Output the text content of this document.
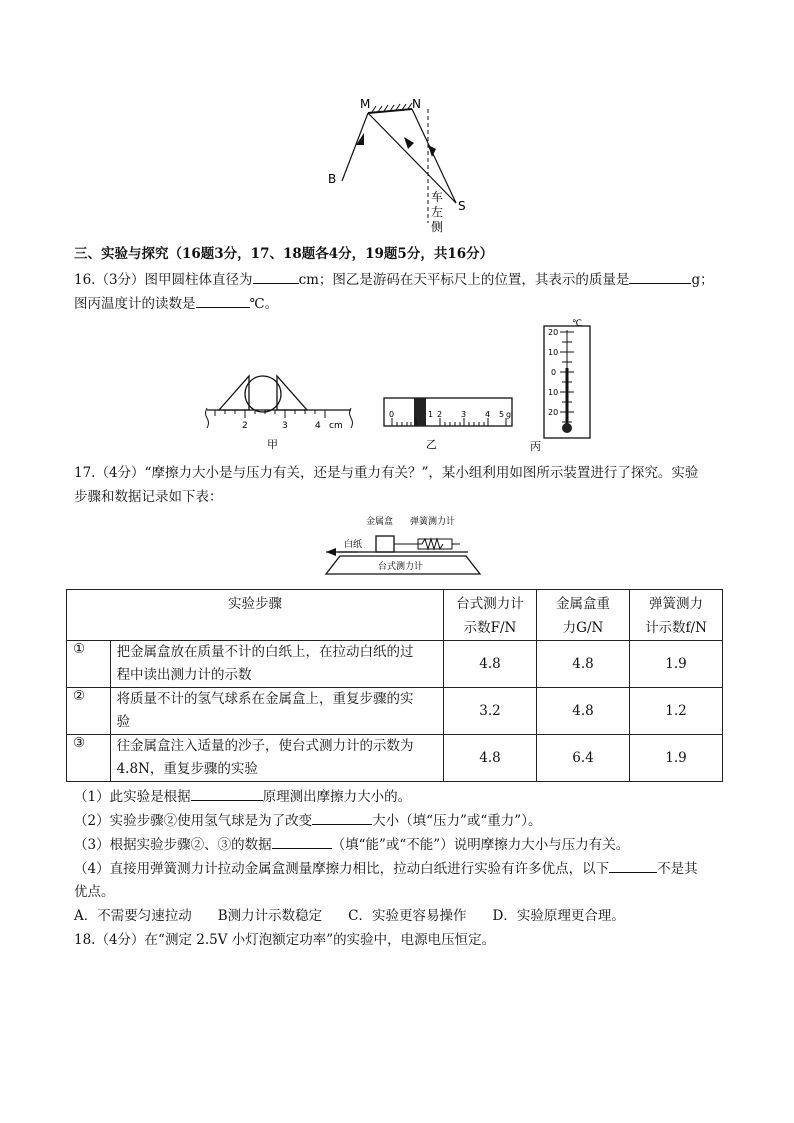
M	N
B
S
车
左
侧
三、实验与探究（16题3分，17、18题各4分，19题5分，共16分）
16.（3分）图甲圆柱体直径为	cm；图乙是游码在天平标尺上的位置，其表示的质量是	g；
图丙温度计的读数是	℃。
2	3	4 cm
甲
0	1 2 3 4 5 g
乙
℃
20
10
0
10
20
丙
17.（4分）“摩擦力大小是与压力有关，还是与重力有关？”，某小组利用如图所示装置进行了探究。实验
步骤和数据记录如下表：
金属盒 弹簧测力计
白纸
台式测力计
实验步骤		台式测力计
示数F/N	金属盒重
力G/N	弹簧测力
计示数f/N
①	把金属盒放在质量不计的白纸上，在拉动白纸的过
程中读出测力计的示数	4.8	4.8	1.9
②	将质量不计的氢气球系在金属盒上，重复步骤的实
验	3.2	4.8	1.2
③	往金属盒注入适量的沙子，使台式测力计的示数为
4.8N，重复步骤的实验	4.8	6.4	1.9
（1）此实验是根据	原理测出摩擦力大小的。
（2）实验步骤②使用氢气球是为了改变	大小（填“压力”或“重力”）。
（3）根据实验步骤②、③的数据	（填“能”或“不能”）说明摩擦力大小与压力有关。
（4）直接用弹簧测力计拉动金属盒测量摩擦力相比，拉动白纸进行实验有许多优点，以下	不是其
优点。
A．不需要匀速拉动 B测力计示数稳定 C．实验更容易操作 D．实验原理更合理。
18.（4分）在“测定 2.5V 小灯泡额定功率”的实验中，电源电压恒定。
